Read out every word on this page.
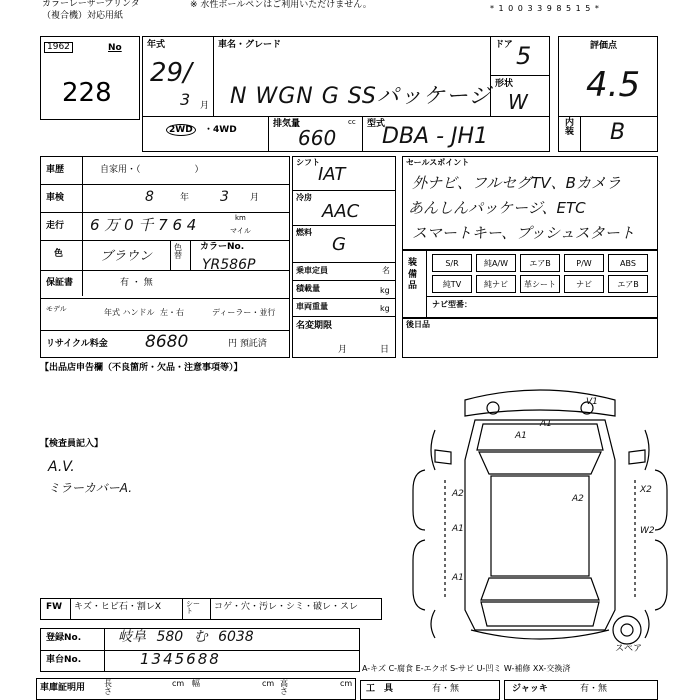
カラーレーザープリンタ
（複合機）対応用紙
※ 水性ボールペンはご利用いただけません。	* 1 0 0 3 3 9 8 5 1 5 *
1962	No
228
年式
29/
3 月
車名・グレード
N WGN G SSパッケージ
ドア 5
形状
W
2WD	・4WD
排気量
660
cc 型式
DBA - JH1
評価点
4.5
内装 B
車歴	自家用・（　　　　　　）
車検	8	年 3 月
走行 6 万 0 千 7 6 4	km
マイル
色	ブラウン
色替
カラーNo.
YR586P
保証書	有 ・ 無
モデル	年式 ハンドル 左・右	ディーラー・並行
リサイクル料金 8680	円 預託済
シフト
IAT
冷房
AAC
燃料
G
乗車定員	名
積載量	kg
車両重量	kg
名変期限
月	日
セールスポイント
外ナビ、フルセグTV、Bカメラ
あんしんパッケージ、ETC
スマートキー、プッシュスタート
装備品
S/R	純A/W	エアB	P/W	ABS
純TV	純ナビ	革シート	ナビ	エアB
ナビ型番：
後日品
【出品店申告欄（不良箇所・欠品・注意事項等）】
【検査員記入】
A.V.
ミラーカバーA.
V1
A1
A1
A2
A1
A2
A1
X2
W2
スペア
FW キズ・ヒビ石・割レX	シート	コゲ・穴・汚レ・シミ・破レ・スレ
登録No.	岐阜 580 む 6038
車台No.	1345688
車庫証明用 長さ
cm 幅	cm 高さ
cm
A-キズ C-腐食 E-エクボ S-サビ U-凹ミ W-補修 XX-交換済
工　具	有・無	ジャッキ	有・無
